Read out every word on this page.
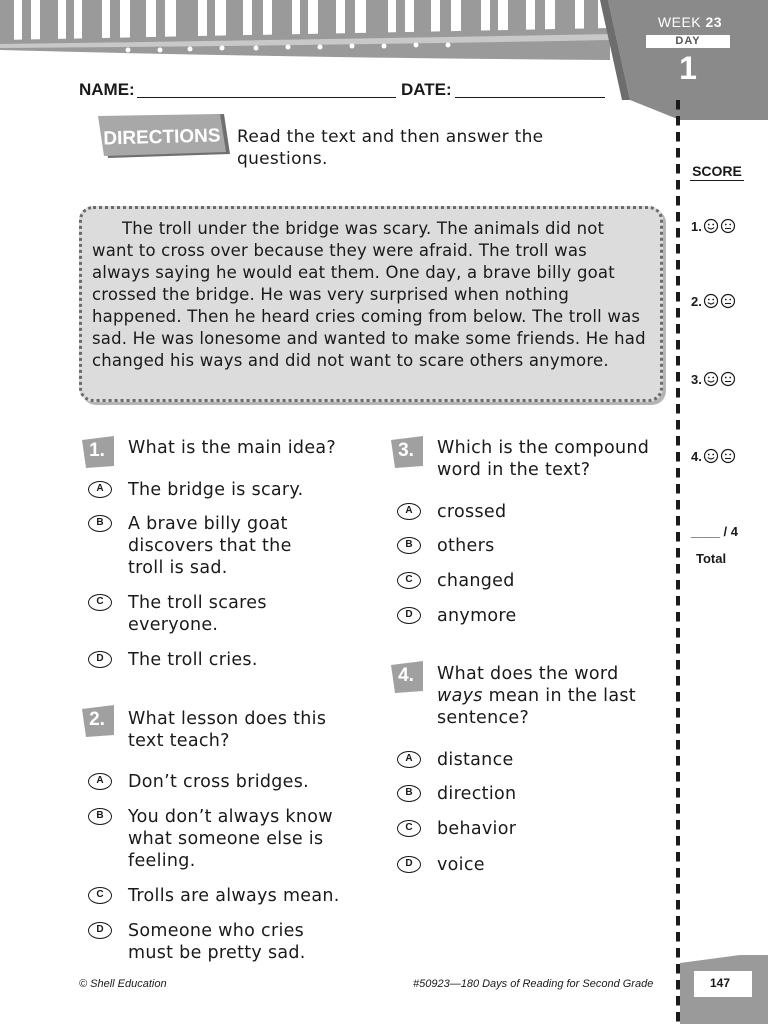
WEEK 23
DAY
1
NAME:	DATE:
DIRECTIONS Read the text and then answer the questions.

The troll under the bridge was scary. The animals did not want to cross over because they were afraid. The troll was always saying he would eat them. One day, a brave billy goat crossed the bridge. He was very surprised when nothing happened. Then he heard cries coming from below. The troll was sad. He was lonesome and wanted to make some friends. He had changed his ways and did not want to scare others anymore.

1.	What is the main idea?
A	The bridge is scary.
B	A brave billy goat discovers that the troll is sad.
C	The troll scares everyone.
D	The troll cries.
2.	What lesson does this text teach?
A	Don’t cross bridges.
B	You don’t always know what someone else is feeling.
C	Trolls are always mean.
D	Someone who cries must be pretty sad.
3.	Which is the compound word in the text?
A	crossed
B	others
C	changed
D	anymore
4.	What does the word ways mean in the last sentence?
A	distance
B	direction
C	behavior
D	voice
SCORE
1.
2.
3.
4.
____ / 4
Total
© Shell Education	#50923—180 Days of Reading for Second Grade	147
